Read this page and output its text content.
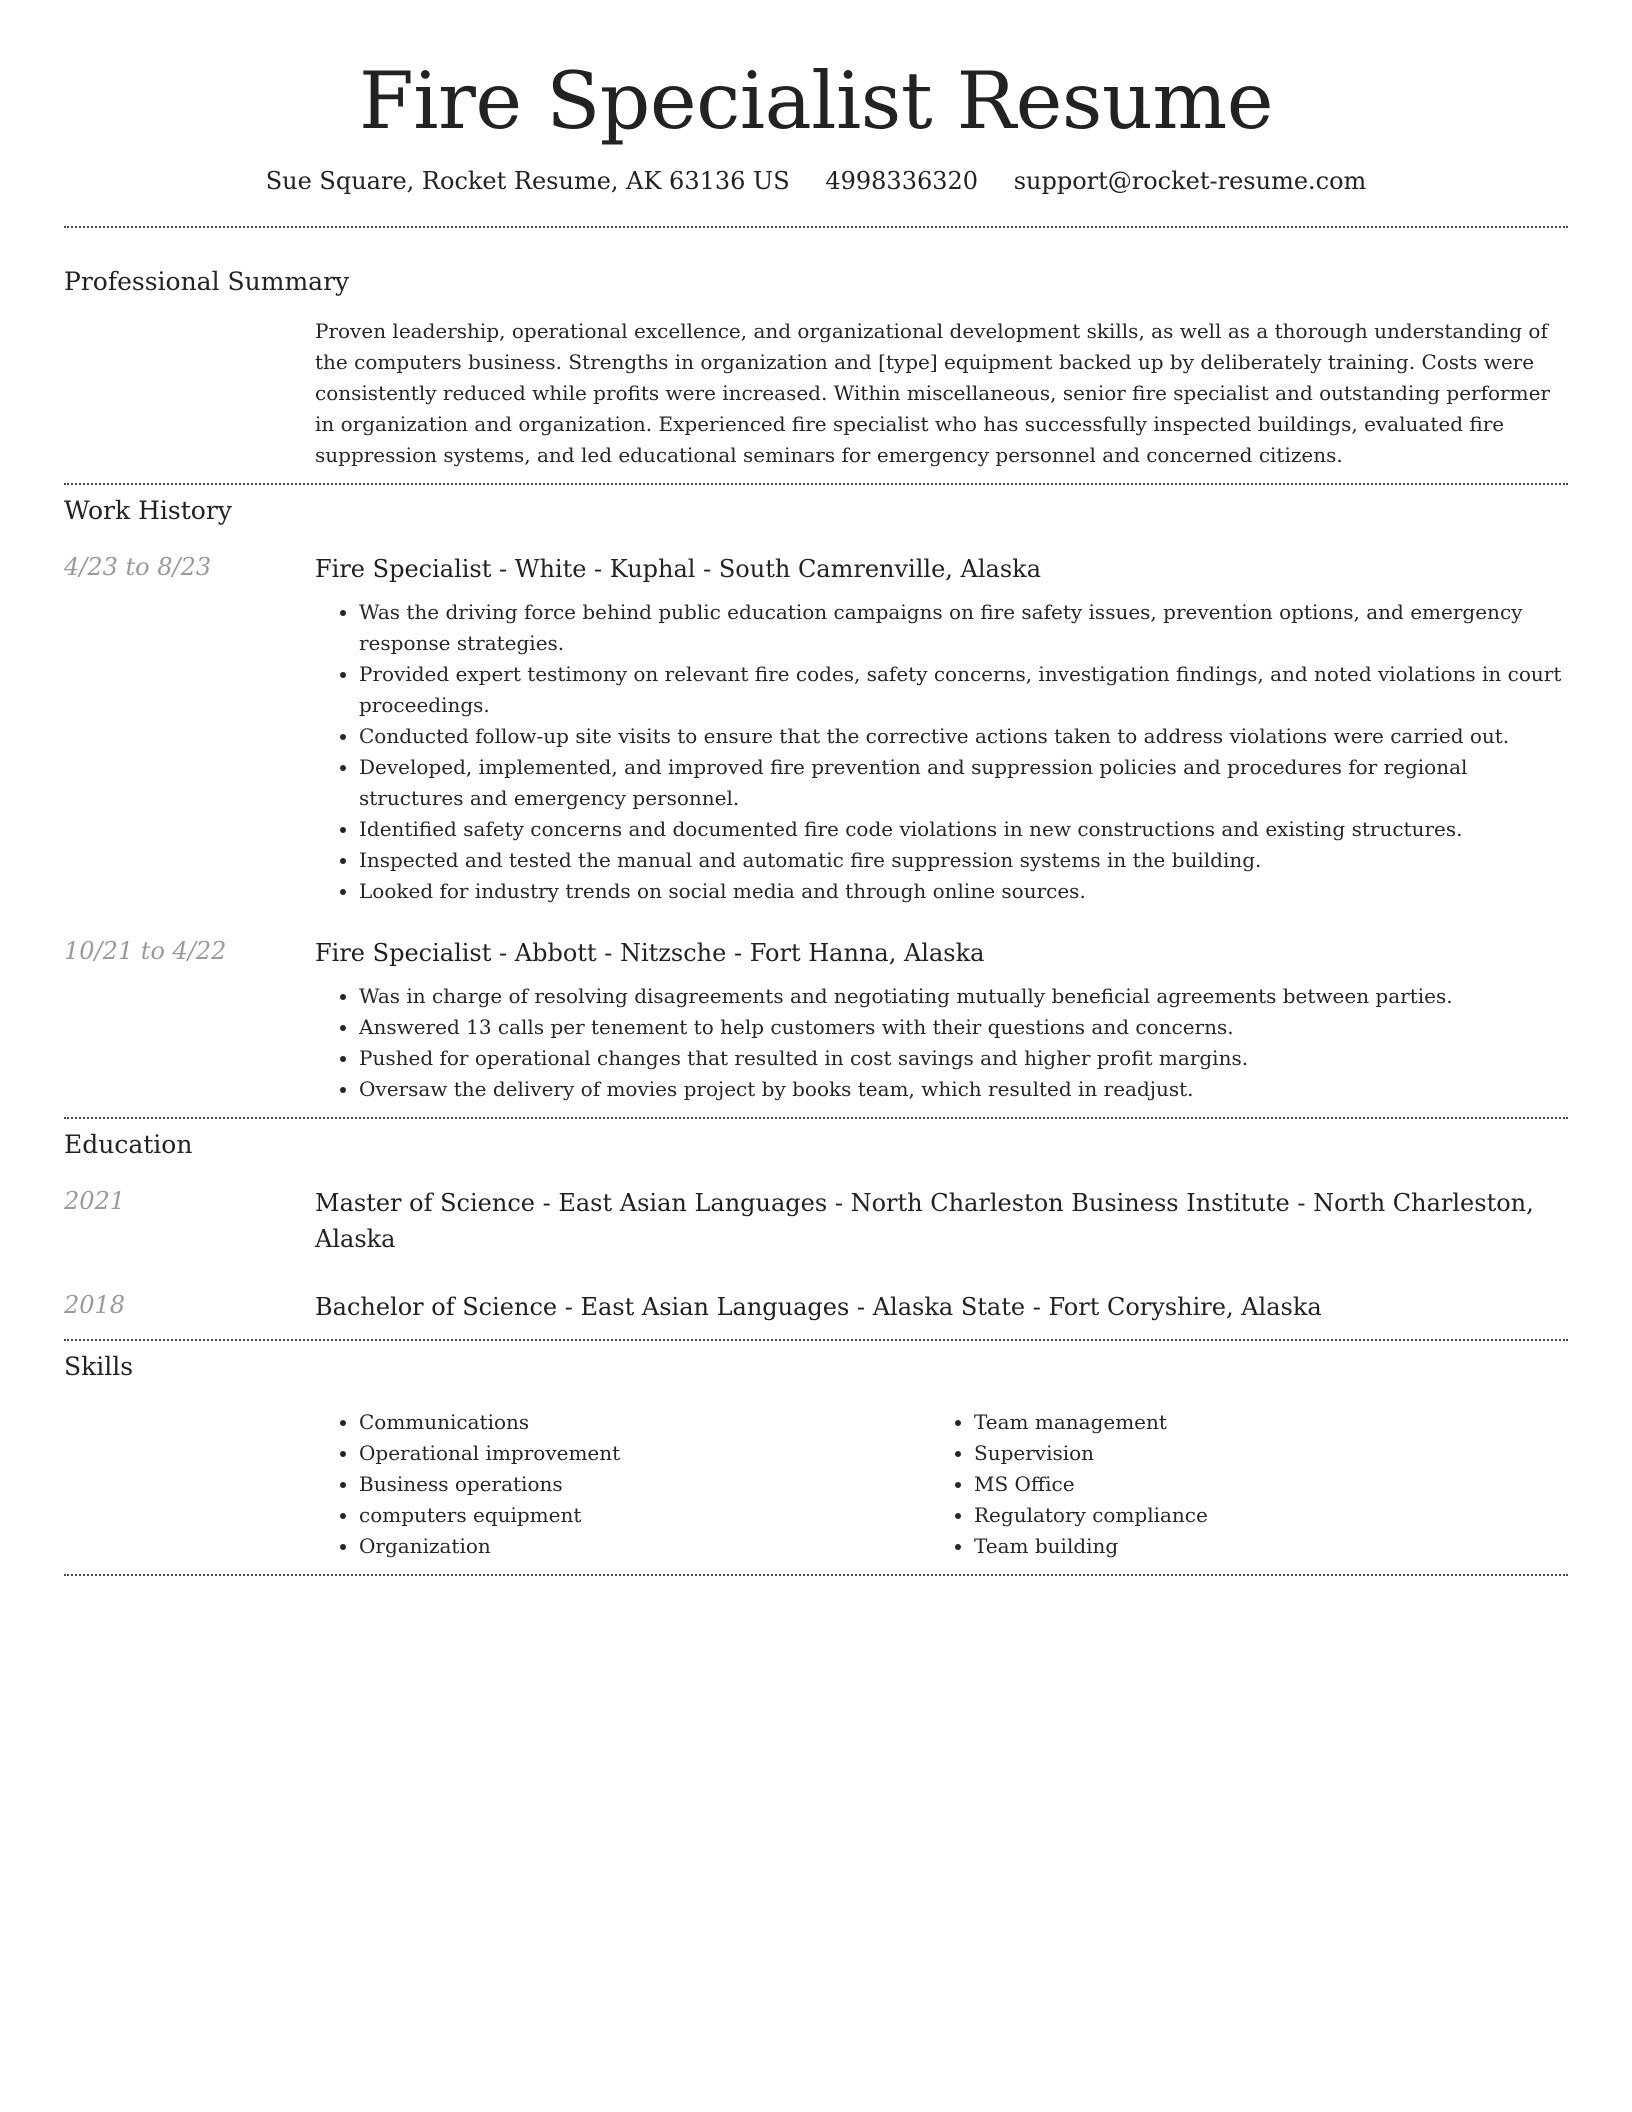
Fire Specialist Resume
Sue Square, Rocket Resume, AK 63136 US 4998336320 support@rocket-resume.com
Professional Summary
Proven leadership, operational excellence, and organizational development skills, as well as a thorough understanding of the computers business. Strengths in organization and [type] equipment backed up by deliberately training. Costs were consistently reduced while profits were increased. Within miscellaneous, senior fire specialist and outstanding performer in organization and organization. Experienced fire specialist who has successfully inspected buildings, evaluated fire suppression systems, and led educational seminars for emergency personnel and concerned citizens.
Work History
4/23 to 8/23	Fire Specialist - White - Kuphal - South Camrenville, Alaska
• Was the driving force behind public education campaigns on fire safety issues, prevention options, and emergency response strategies.
• Provided expert testimony on relevant fire codes, safety concerns, investigation findings, and noted violations in court proceedings.
• Conducted follow-up site visits to ensure that the corrective actions taken to address violations were carried out.
• Developed, implemented, and improved fire prevention and suppression policies and procedures for regional structures and emergency personnel.
• Identified safety concerns and documented fire code violations in new constructions and existing structures.
• Inspected and tested the manual and automatic fire suppression systems in the building.
• Looked for industry trends on social media and through online sources.
10/21 to 4/22	Fire Specialist - Abbott - Nitzsche - Fort Hanna, Alaska
• Was in charge of resolving disagreements and negotiating mutually beneficial agreements between parties.
• Answered 13 calls per tenement to help customers with their questions and concerns.
• Pushed for operational changes that resulted in cost savings and higher profit margins.
• Oversaw the delivery of movies project by books team, which resulted in readjust.
Education
2021	Master of Science - East Asian Languages - North Charleston Business Institute - North Charleston, Alaska
2018	Bachelor of Science - East Asian Languages - Alaska State - Fort Coryshire, Alaska
Skills
• Communications
• Operational improvement
• Business operations
• computers equipment
• Organization
• Team management
• Supervision
• MS Office
• Regulatory compliance
• Team building
